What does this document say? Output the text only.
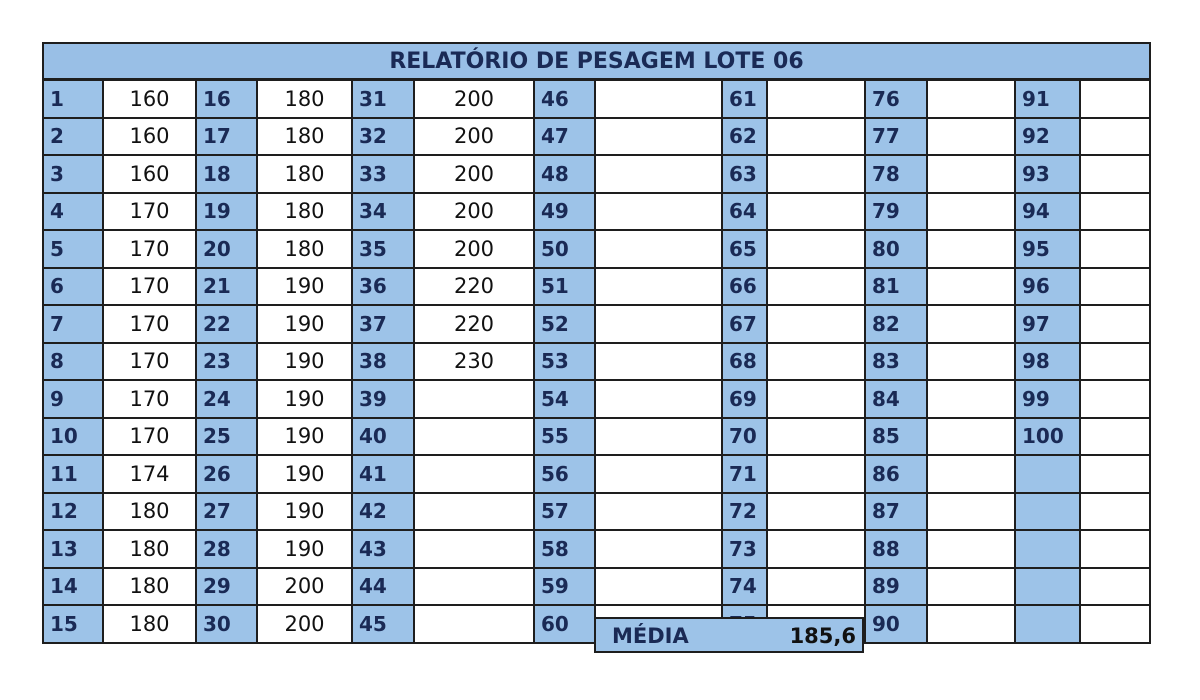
RELATÓRIO DE PESAGEM LOTE 06													
1	160	16	180	31	200	46		61		76		91	
2	160	17	180	32	200	47		62		77		92	
3	160	18	180	33	200	48		63		78		93	
4	170	19	180	34	200	49		64		79		94	
5	170	20	180	35	200	50		65		80		95	
6	170	21	190	36	220	51		66		81		96	
7	170	22	190	37	220	52		67		82		97	
8	170	23	190	38	230	53		68		83		98	
9	170	24	190	39		54		69		84		99	
10	170	25	190	40		55		70		85		100	
11	174	26	190	41		56		71		86			
12	180	27	190	42		57		72		87			
13	180	28	190	43		58		73		88			
14	180	29	200	44		59		74		89			
15	180	30	200	45		60				90			
MÉDIA	185,6
